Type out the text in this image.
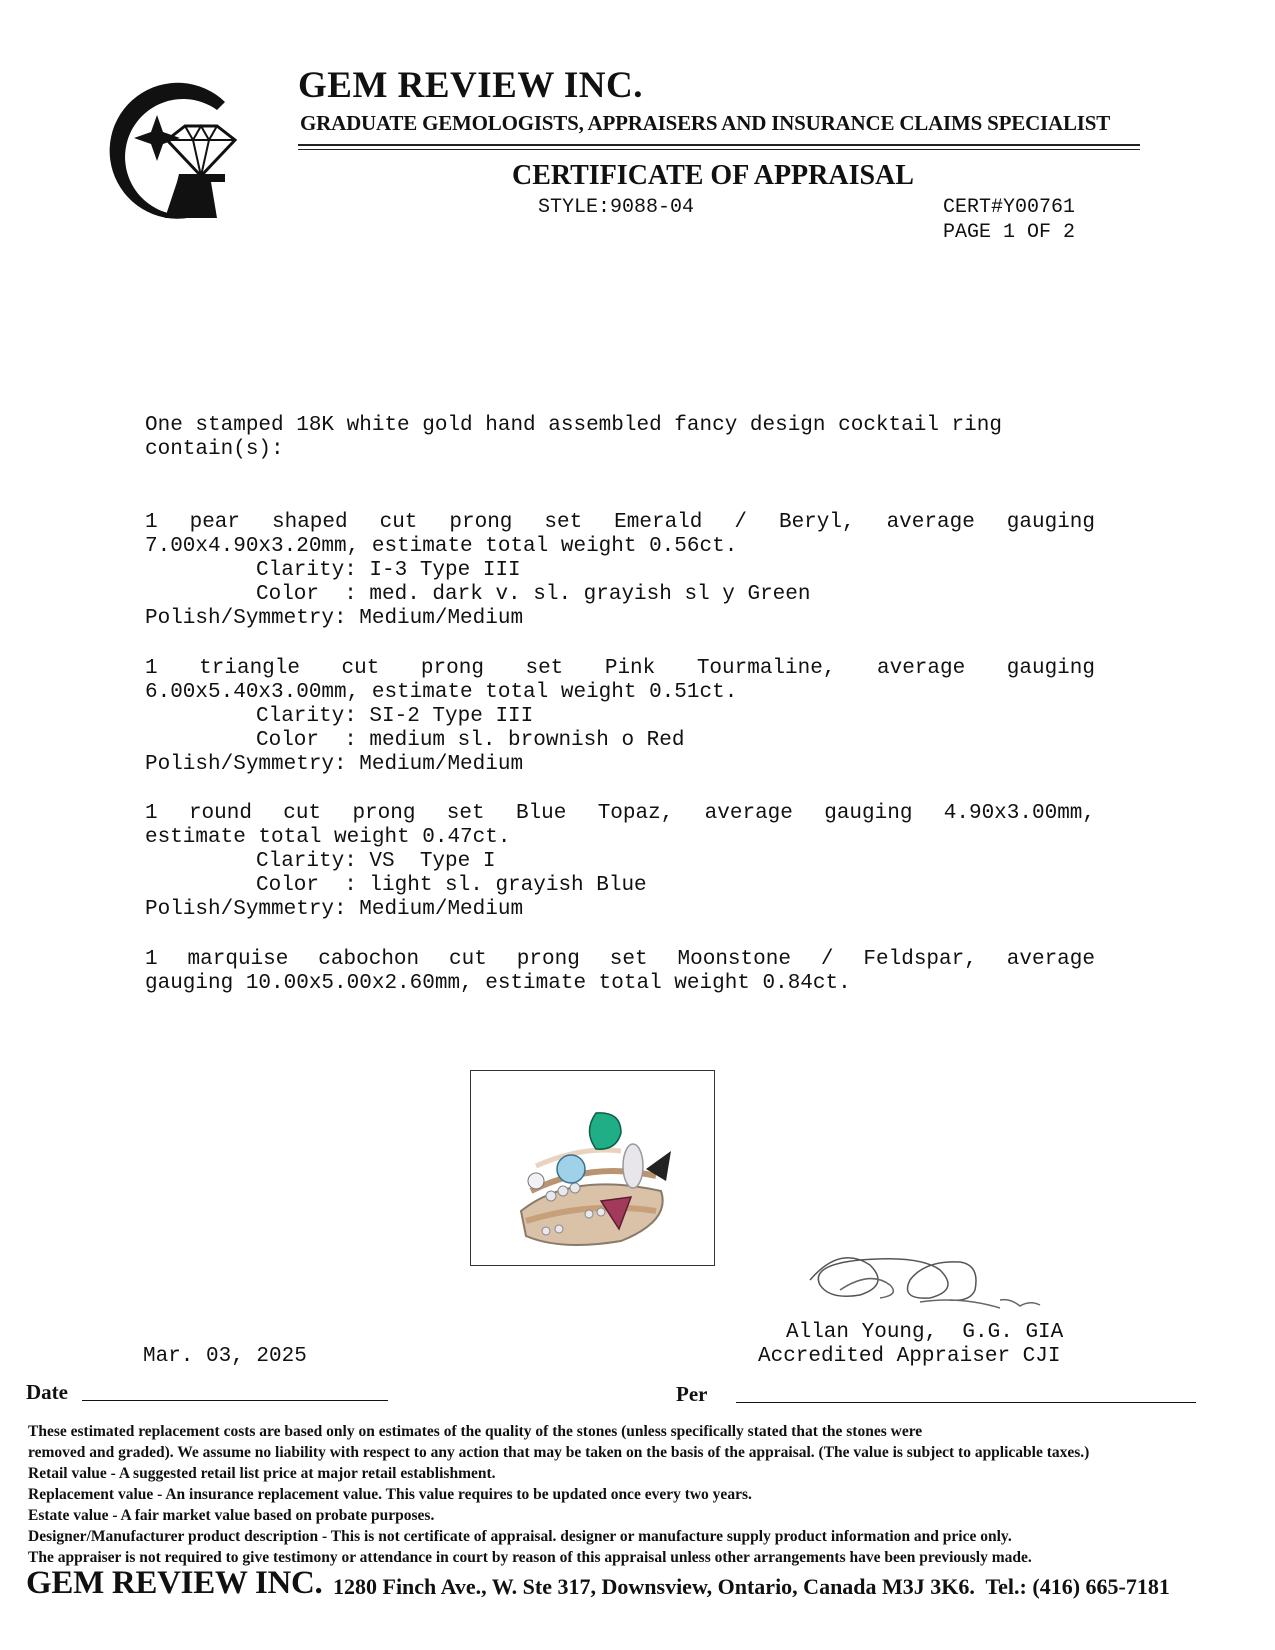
GEM REVIEW INC.
GRADUATE GEMOLOGISTS, APPRAISERS AND INSURANCE CLAIMS SPECIALIST
CERTIFICATE OF APPRAISAL
STYLE:9088-04	CERT#Y00761
PAGE 1 OF 2
One stamped 18K white gold hand assembled fancy design cocktail ring
contain(s):
1 pear shaped cut prong set Emerald / Beryl, average gauging
7.00x4.90x3.20mm, estimate total weight 0.56ct.
Clarity: I-3 Type III
Color  : med. dark v. sl. grayish sl y Green
Polish/Symmetry: Medium/Medium
1 triangle cut prong set Pink Tourmaline, average gauging
6.00x5.40x3.00mm, estimate total weight 0.51ct.
Clarity: SI-2 Type III
Color  : medium sl. brownish o Red
Polish/Symmetry: Medium/Medium
1 round cut prong set Blue Topaz, average gauging 4.90x3.00mm,
estimate total weight 0.47ct.
Clarity: VS  Type I
Color  : light sl. grayish Blue
Polish/Symmetry: Medium/Medium
1 marquise cabochon cut prong set Moonstone / Feldspar, average
gauging 10.00x5.00x2.60mm, estimate total weight 0.84ct.
Allan Young,  G.G. GIA
Accredited Appraiser CJI
Mar. 03, 2025
Date	Per
These estimated replacement costs are based only on estimates of the quality of the stones (unless specifically stated that the stones were
removed and graded). We assume no liability with respect to any action that may be taken on the basis of the appraisal. (The value is subject to applicable taxes.)
Retail value - A suggested retail list price at major retail establishment.
Replacement value - An insurance replacement value. This value requires to be updated once every two years.
Estate value - A fair market value based on probate purposes.
Designer/Manufacturer product description - This is not certificate of appraisal. designer or manufacture supply product information and price only.
The appraiser is not required to give testimony or attendance in court by reason of this appraisal unless other arrangements have been previously made.
GEM REVIEW INC. 1280 Finch Ave., W. Ste 317, Downsview, Ontario, Canada M3J 3K6.  Tel.: (416) 665-7181
